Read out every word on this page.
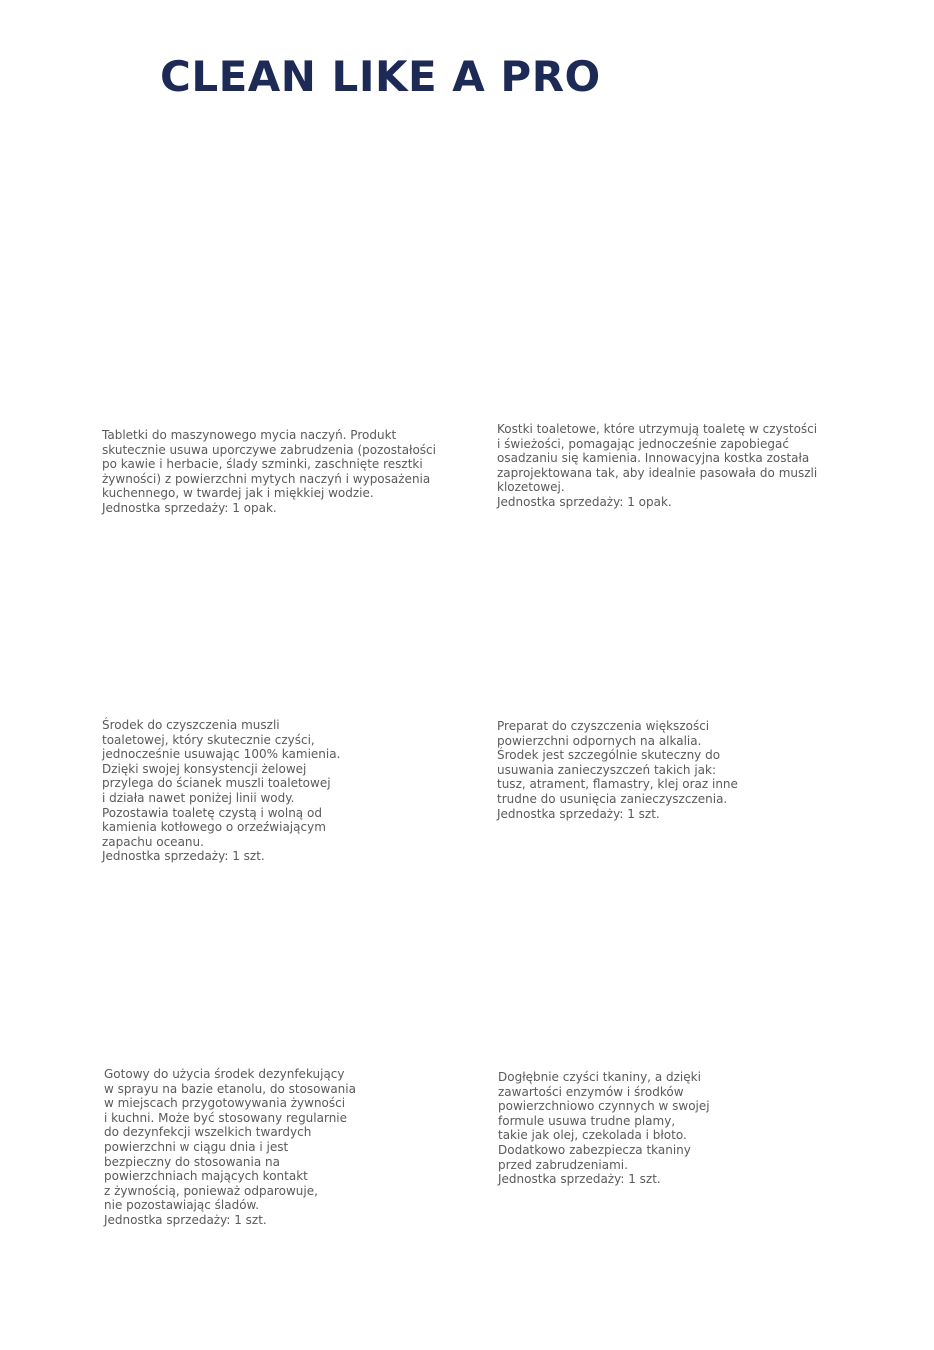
CLEAN LIKE A PRO
Tabletki do maszynowego mycia naczyń. Produkt
skutecznie usuwa uporczywe zabrudzenia (pozostałości
po kawie i herbacie, ślady szminki, zaschnięte resztki
żywności) z powierzchni mytych naczyń i wyposażenia
kuchennego, w twardej jak i miękkiej wodzie.
Jednostka sprzedaży: 1 opak.
Kostki toaletowe, które utrzymują toaletę w czystości
i świeżości, pomagając jednocześnie zapobiegać
osadzaniu się kamienia. Innowacyjna kostka została
zaprojektowana tak, aby idealnie pasowała do muszli
klozetowej.
Jednostka sprzedaży: 1 opak.
Środek do czyszczenia muszli
toaletowej, który skutecznie czyści,
jednocześnie usuwając 100% kamienia.
Dzięki swojej konsystencji żelowej
przylega do ścianek muszli toaletowej
i działa nawet poniżej linii wody.
Pozostawia toaletę czystą i wolną od
kamienia kotłowego o orzeźwiającym
zapachu oceanu.
Jednostka sprzedaży: 1 szt.
Preparat do czyszczenia większości
powierzchni odpornych na alkalia.
Środek jest szczególnie skuteczny do
usuwania zanieczyszczeń takich jak:
tusz, atrament, flamastry, klej oraz inne
trudne do usunięcia zanieczyszczenia.
Jednostka sprzedaży: 1 szt.
Gotowy do użycia środek dezynfekujący
w sprayu na bazie etanolu, do stosowania
w miejscach przygotowywania żywności
i kuchni. Może być stosowany regularnie
do dezynfekcji wszelkich twardych
powierzchni w ciągu dnia i jest
bezpieczny do stosowania na
powierzchniach mających kontakt
z żywnością, ponieważ odparowuje,
nie pozostawiając śladów.
Jednostka sprzedaży: 1 szt.
Dogłębnie czyści tkaniny, a dzięki
zawartości enzymów i środków
powierzchniowo czynnych w swojej
formule usuwa trudne plamy,
takie jak olej, czekolada i błoto.
Dodatkowo zabezpiecza tkaniny
przed zabrudzeniami.
Jednostka sprzedaży: 1 szt.
